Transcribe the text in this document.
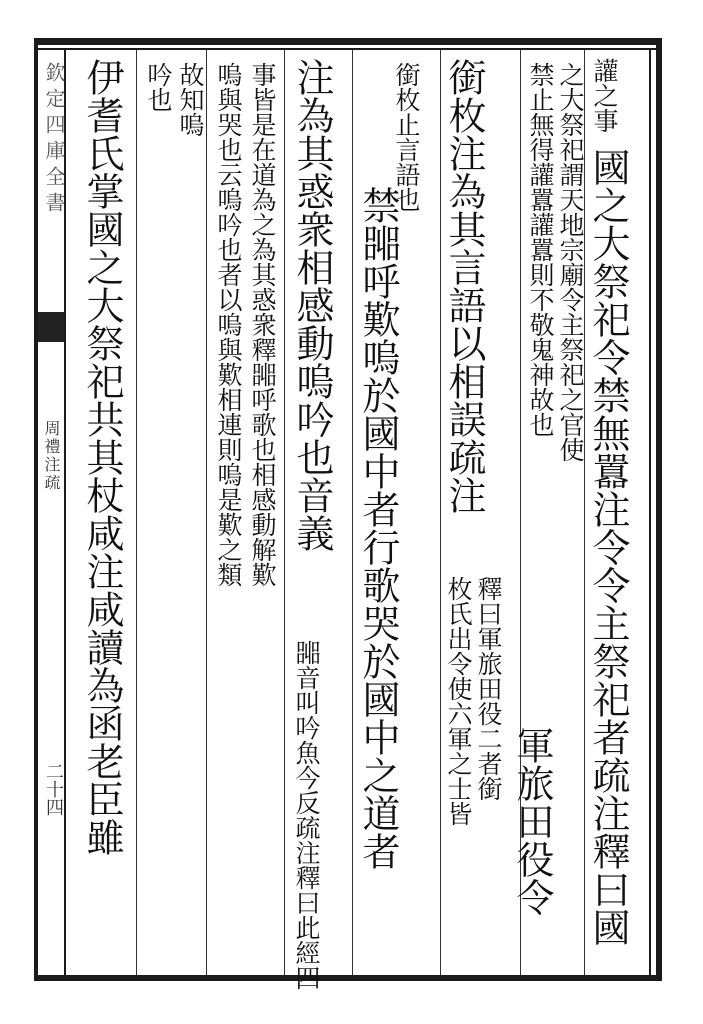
欽定四庫全書
周禮注疏
二十四
讙之事
國之大祭祀令禁無囂注令令主祭祀者疏注釋曰國
之大祭祀謂天地宗廟令主祭祀之官使
禁止無得讙囂讙囂則不敬鬼神故也
軍旅田役令
銜枚注為其言語以相誤疏注
釋曰軍旅田役二者銜
枚氏出令使六軍之士皆
銜枚止言語也
禁嘂呼歎嗚於國中者行歌哭於國中之道者
注為其惑衆相感動嗚吟也音義
嘂音叫吟魚今反疏注釋曰此經四
事皆是在道為之為其惑衆釋嘂呼歌也相感動解歎
嗚與哭也云嗚吟也者以嗚與歎相連則嗚是歎之類
故知嗚
吟也
伊耆氏掌國之大祭祀共其杖咸注咸讀為函老臣雖
